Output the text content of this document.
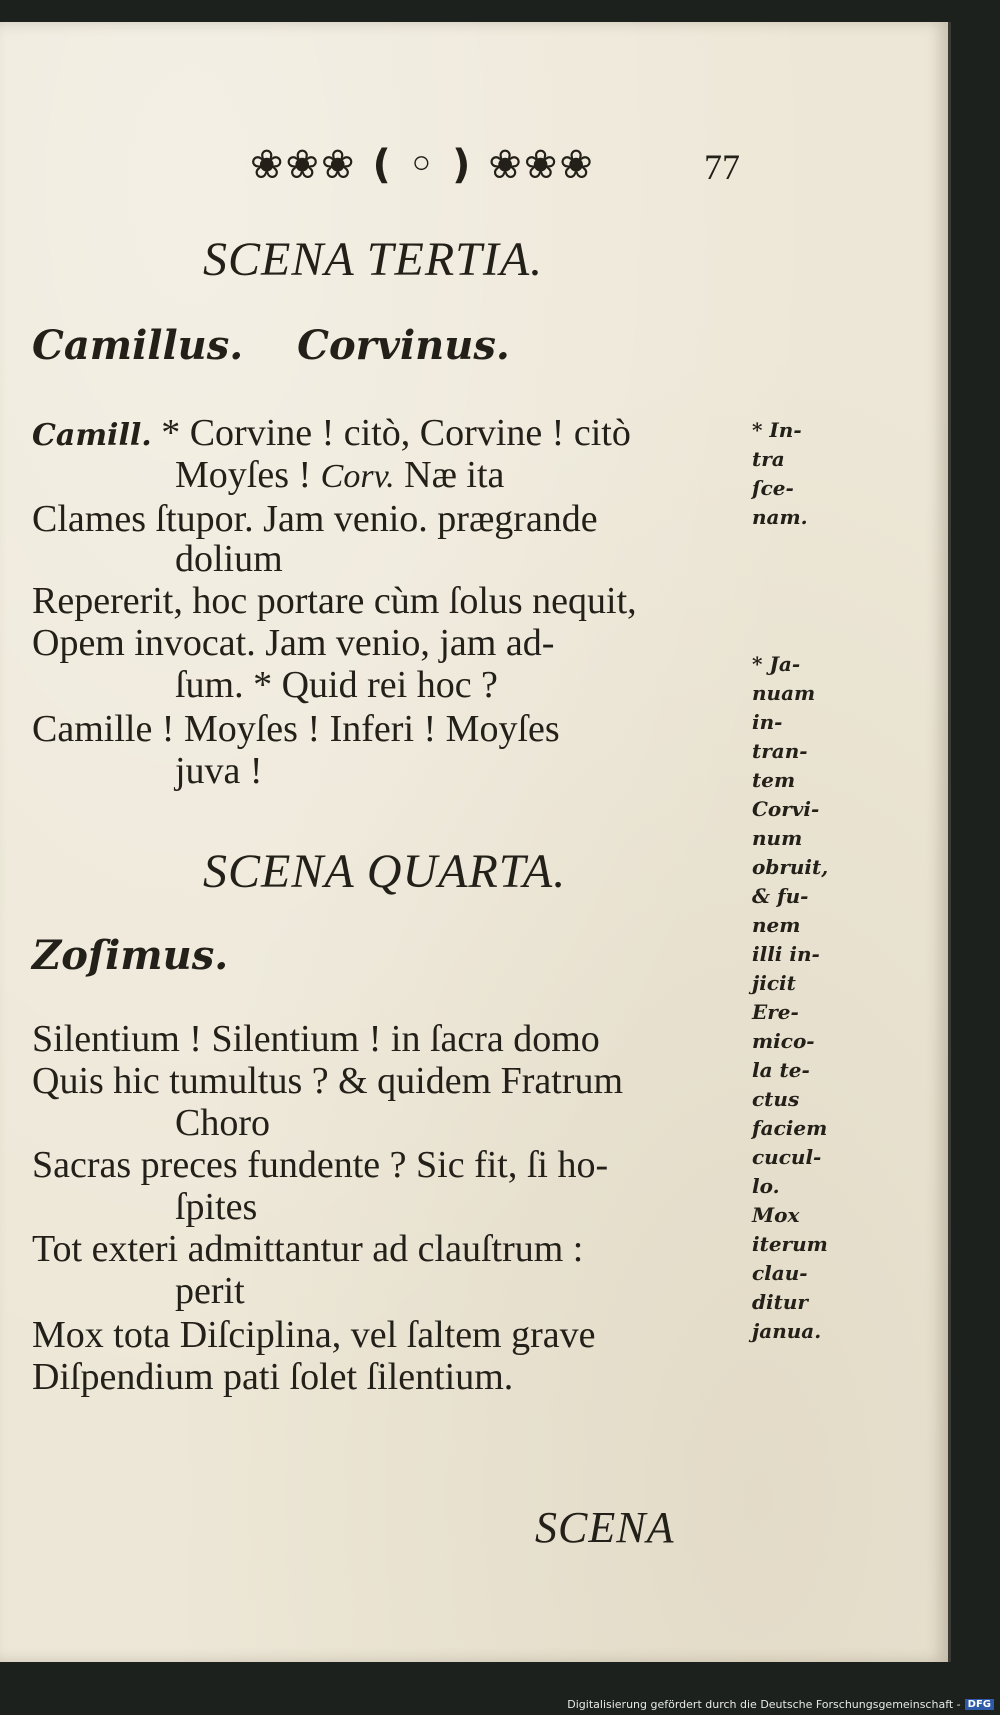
❀❀❀ ( ◦ ) ❀❀❀	77
SCENA TERTIA.
Camillus. Corvinus.

Camill. * Corvine ! citò, Corvine ! citò

Moyſes ! Corv. Næ ita

Clames ſtupor. Jam venio. prægrande

dolium

Repererit, hoc portare cùm ſolus nequit,

Opem invocat. Jam venio, jam ad-

ſum. * Quid rei hoc ?

Camille ! Moyſes ! Inferi ! Moyſes

juva !

SCENA QUARTA.
Zoſimus.

Silentium ! Silentium ! in ſacra domo

Quis hic tumultus ? & quidem Fratrum

Choro

Sacras preces fundente ? Sic fit, ſi ho-

ſpites

Tot exteri admittantur ad clauſtrum :

perit

Mox tota Diſciplina, vel ſaltem grave

Diſpendium pati ſolet ſilentium.

* In-
tra
ſce-
nam.
* Ja-
nuam
in-
tran-
tem
Corvi-
num
obruit,
& fu-
nem
illi in-
jicit
Ere-
mico-
la te-
ctus
faciem
cucul-
lo.
Mox
iterum
clau-
ditur
janua.
SCENA
Digitalisierung gefördert durch die Deutsche Forschungsgemeinschaft - DFG
